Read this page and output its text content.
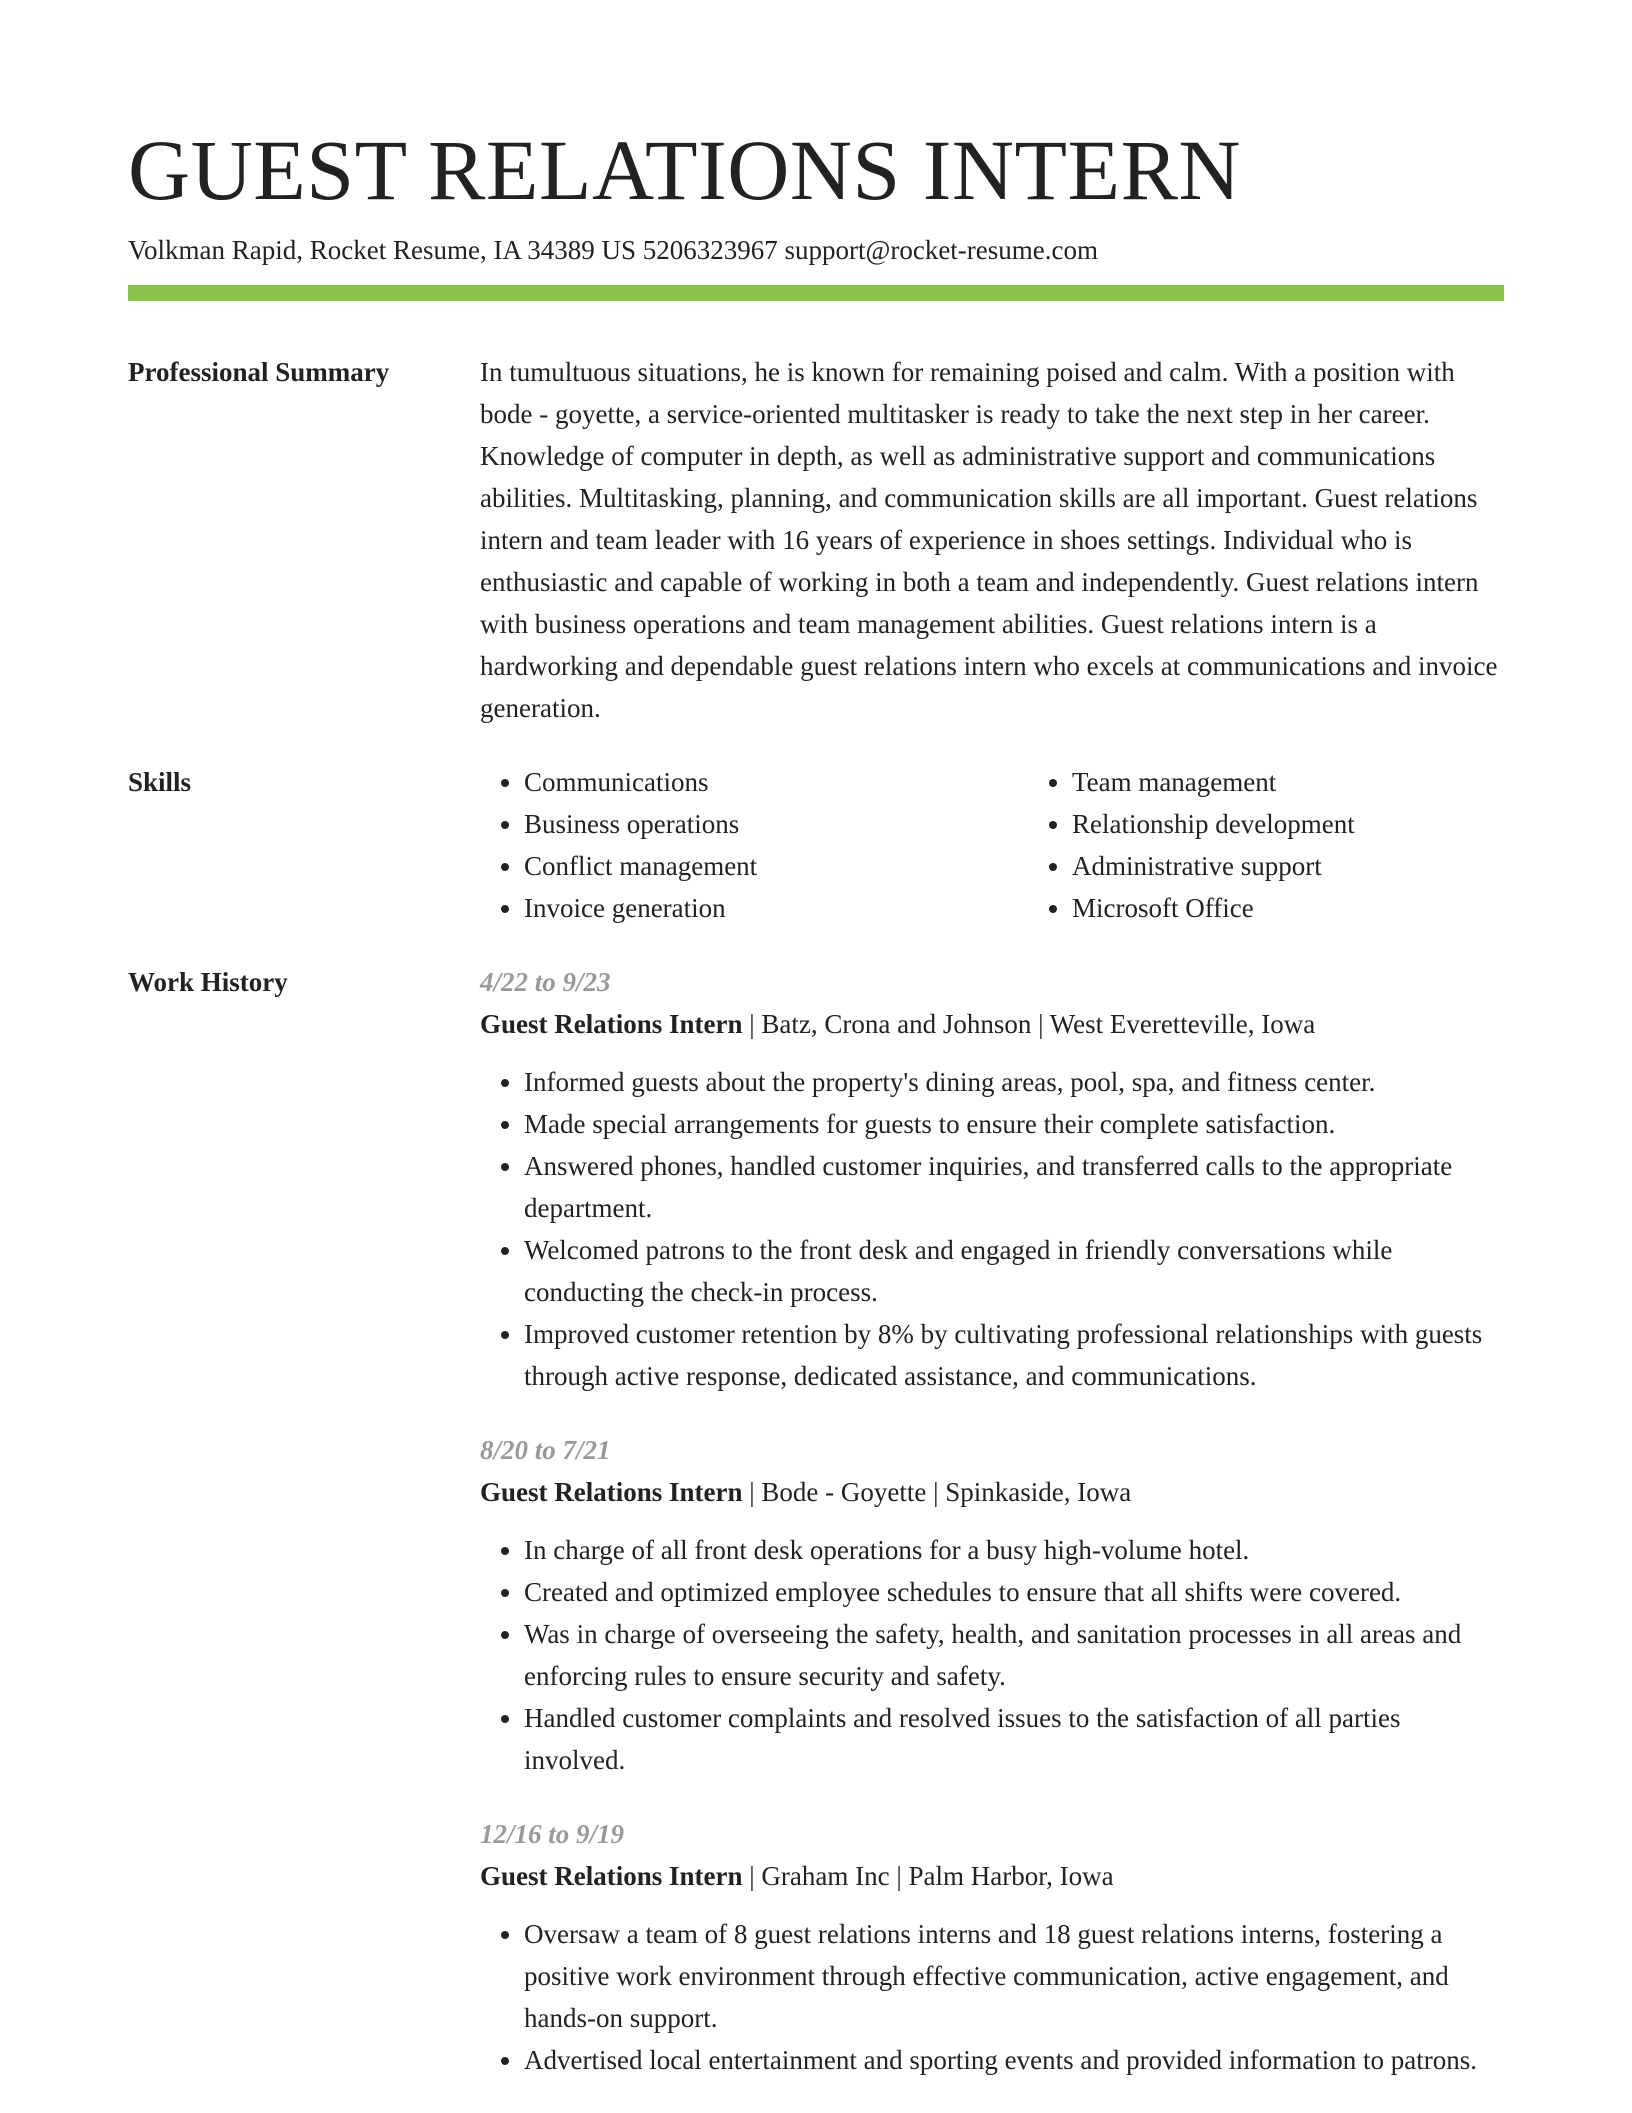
GUEST RELATIONS INTERN
Volkman Rapid, Rocket Resume, IA 34389 US 5206323967 support@rocket-resume.com
Professional Summary	In tumultuous situations, he is known for remaining poised and calm. With a position with bode - goyette, a service-oriented multitasker is ready to take the next step in her career. Knowledge of computer in depth, as well as administrative support and communications abilities. Multitasking, planning, and communication skills are all important. Guest relations intern and team leader with 16 years of experience in shoes settings. Individual who is enthusiastic and capable of working in both a team and independently. Guest relations intern with business operations and team management abilities. Guest relations intern is a hardworking and dependable guest relations intern who excels at communications and invoice generation.
Skills
•	Communications
• Business operations
• Conflict management
• Invoice generation
• Team management
• Relationship development
• Administrative support
• Microsoft Office
Work History	4/22 to 9/23
Guest Relations Intern | Batz, Crona and Johnson | West Everetteville, Iowa
• Informed guests about the property's dining areas, pool, spa, and fitness center.
• Made special arrangements for guests to ensure their complete satisfaction.
• Answered phones, handled customer inquiries, and transferred calls to the appropriate department.
• Welcomed patrons to the front desk and engaged in friendly conversations while conducting the check-in process.
• Improved customer retention by 8% by cultivating professional relationships with guests through active response, dedicated assistance, and communications.
8/20 to 7/21
Guest Relations Intern | Bode - Goyette | Spinkaside, Iowa
• In charge of all front desk operations for a busy high-volume hotel.
• Created and optimized employee schedules to ensure that all shifts were covered.
• Was in charge of overseeing the safety, health, and sanitation processes in all areas and enforcing rules to ensure security and safety.
• Handled customer complaints and resolved issues to the satisfaction of all parties involved.
12/16 to 9/19
Guest Relations Intern | Graham Inc | Palm Harbor, Iowa
• Oversaw a team of 8 guest relations interns and 18 guest relations interns, fostering a positive work environment through effective communication, active engagement, and hands-on support.
• Advertised local entertainment and sporting events and provided information to patrons.
